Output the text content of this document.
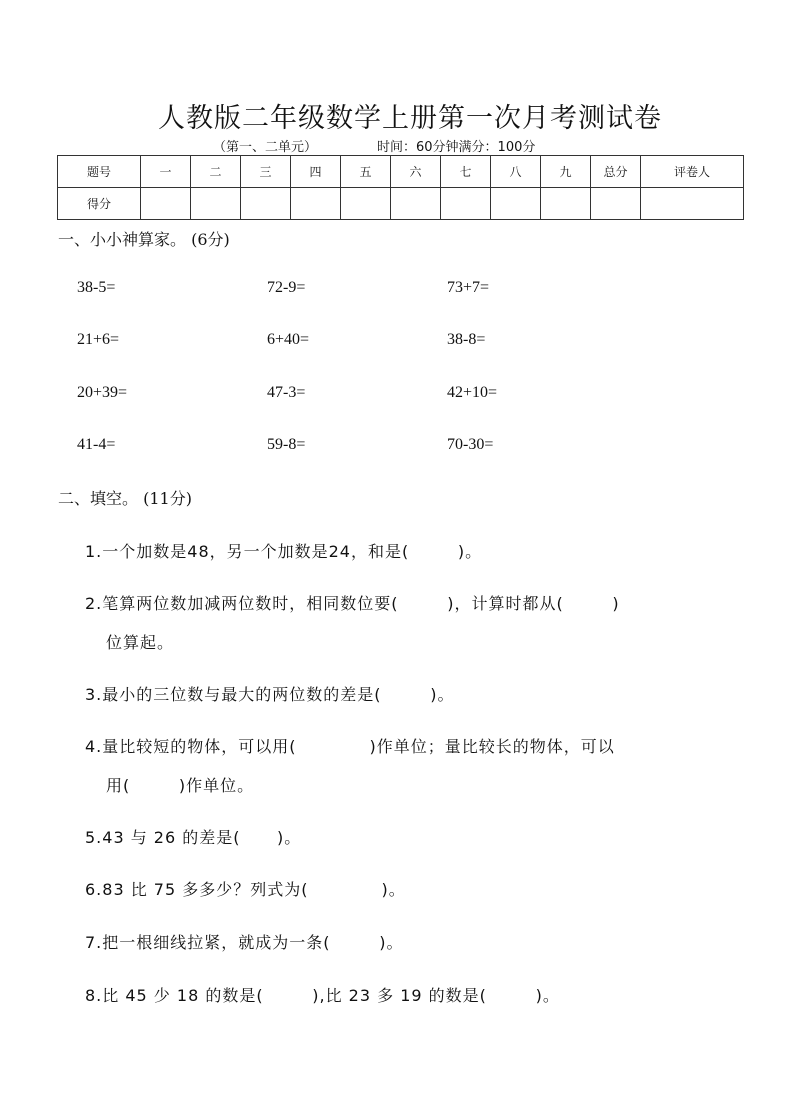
人教版二年级数学上册第一次月考测试卷
（第一、二单元）	时间：60分钟满分：100分
题号	一	二	三	四	五	六	七	八	九	总分	评卷人
得分											
一、小小神算家。 (6分)
38-5=	72-9=	73+7=
21+6=	6+40=	38-8=
20+39=	47-3=	42+10=
41-4=	59-8=	70-30=
二、填空。 (11分)
1.一个加数是48，另一个加数是24，和是(        )。
2.笔算两位数加减两位数时，相同数位要(        )，计算时都从(        )
位算起。
3.最小的三位数与最大的两位数的差是(        )。
4.量比较短的物体，可以用(            )作单位；量比较长的物体，可以
用(        )作单位。
5.43 与 26 的差是(      )。
6.83 比 75 多多少？列式为(            )。
7.把一根细线拉紧，就成为一条(        )。
8.比 45 少 18 的数是(        ),比 23 多 19 的数是(        )。
